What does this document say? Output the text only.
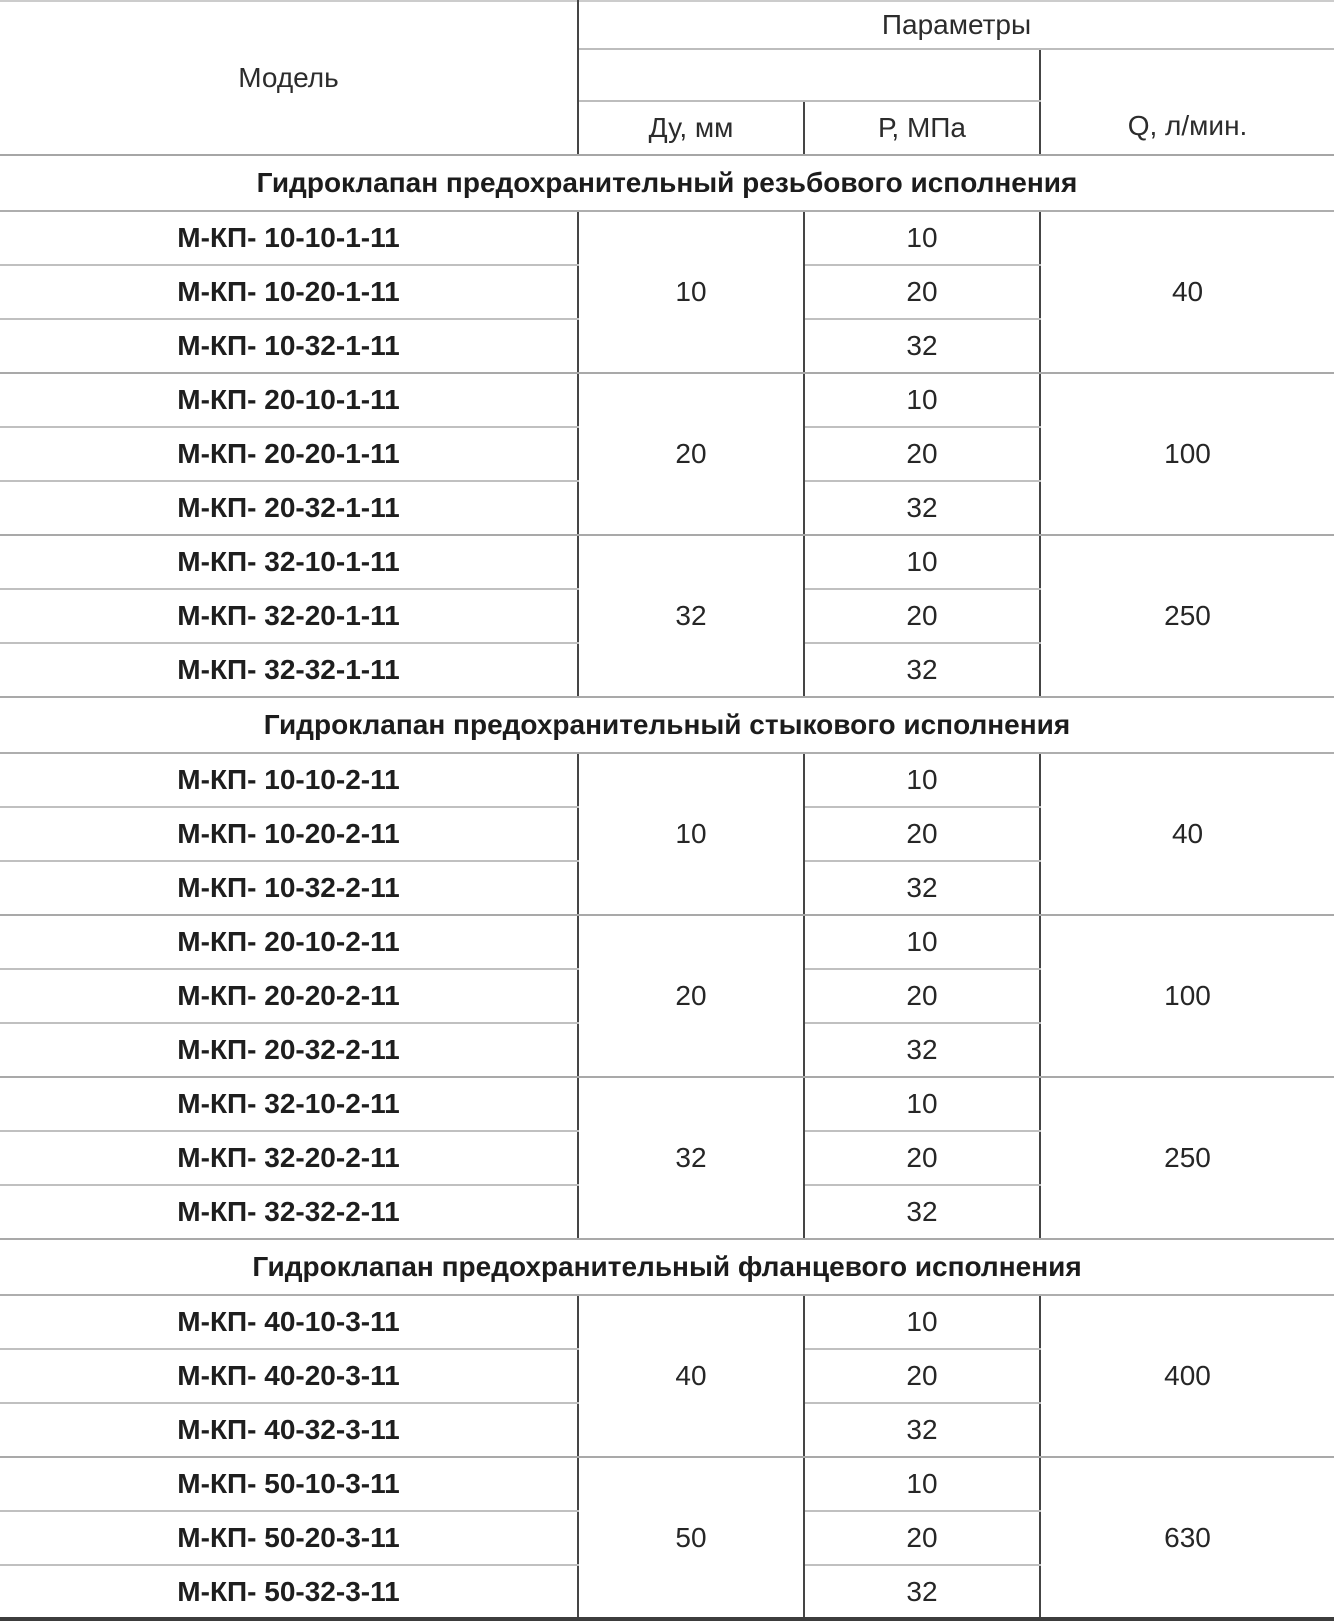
Модель	Параметры		
			Q, л/мин.
	Ду, мм	Р, МПа	
Гидроклапан предохранительный резьбового исполнения			
М-КП- 10-10-1-11	10	10	40
М-КП- 10-20-1-11		20	
М-КП- 10-32-1-11		32	
М-КП- 20-10-1-11	20	10	100
М-КП- 20-20-1-11		20	
М-КП- 20-32-1-11		32	
М-КП- 32-10-1-11	32	10	250
М-КП- 32-20-1-11		20	
М-КП- 32-32-1-11		32	
Гидроклапан предохранительный стыкового исполнения			
М-КП- 10-10-2-11	10	10	40
М-КП- 10-20-2-11		20	
М-КП- 10-32-2-11		32	
М-КП- 20-10-2-11	20	10	100
М-КП- 20-20-2-11		20	
М-КП- 20-32-2-11		32	
М-КП- 32-10-2-11	32	10	250
М-КП- 32-20-2-11		20	
М-КП- 32-32-2-11		32	
Гидроклапан предохранительный фланцевого исполнения			
М-КП- 40-10-3-11	40	10	400
М-КП- 40-20-3-11		20	
М-КП- 40-32-3-11		32	
М-КП- 50-10-3-11	50	10	630
М-КП- 50-20-3-11		20	
М-КП- 50-32-3-11		32	
